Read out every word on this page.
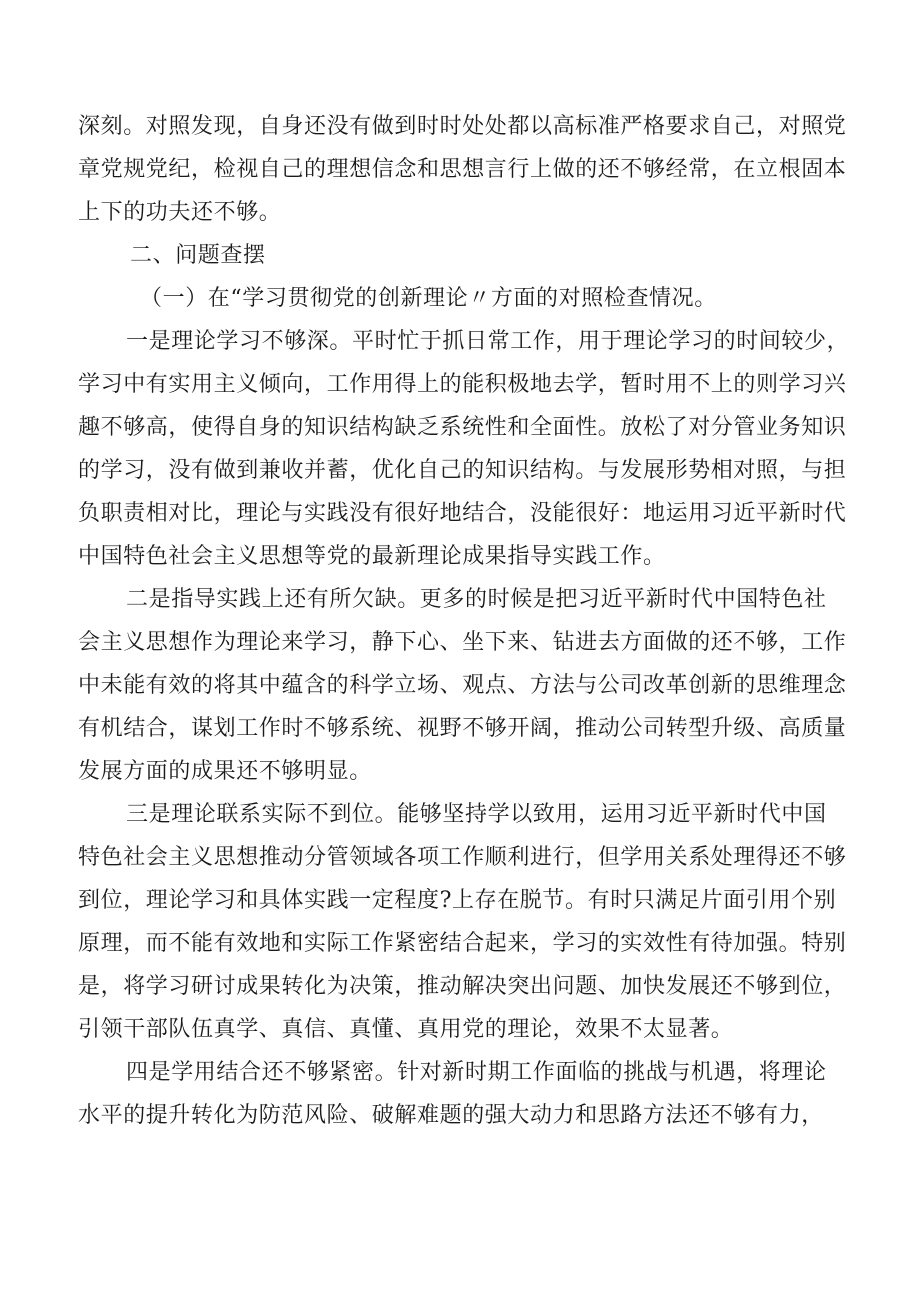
深刻。对照发现，自身还没有做到时时处处都以高标准严格要求自己，对照党
章党规党纪，检视自己的理想信念和思想言行上做的还不够经常，在立根固本
上下的功夫还不够。
二、问题查摆
（一）在“学习贯彻党的创新理论〃方面的对照检查情况。
一是理论学习不够深。平时忙于抓日常工作，用于理论学习的时间较少，
学习中有实用主义倾向，工作用得上的能积极地去学，暂时用不上的则学习兴
趣不够高，使得自身的知识结构缺乏系统性和全面性。放松了对分管业务知识
的学习，没有做到兼收并蓄，优化自己的知识结构。与发展形势相对照，与担
负职责相对比，理论与实践没有很好地结合，没能很好：地运用习近平新时代
中国特色社会主义思想等党的最新理论成果指导实践工作。
二是指导实践上还有所欠缺。更多的时候是把习近平新时代中国特色社
会主义思想作为理论来学习，静下心、坐下来、钻进去方面做的还不够，工作
中未能有效的将其中蕴含的科学立场、观点、方法与公司改革创新的思维理念
有机结合，谋划工作时不够系统、视野不够开阔，推动公司转型升级、高质量
发展方面的成果还不够明显。
三是理论联系实际不到位。能够坚持学以致用，运用习近平新时代中国
特色社会主义思想推动分管领域各项工作顺利进行，但学用关系处理得还不够
到位，理论学习和具体实践一定程度?上存在脱节。有时只满足片面引用个别
原理，而不能有效地和实际工作紧密结合起来，学习的实效性有待加强。特别
是，将学习研讨成果转化为决策，推动解决突出问题、加快发展还不够到位，
引领干部队伍真学、真信、真懂、真用党的理论，效果不太显著。
四是学用结合还不够紧密。针对新时期工作面临的挑战与机遇，将理论
水平的提升转化为防范风险、破解难题的强大动力和思路方法还不够有力，
